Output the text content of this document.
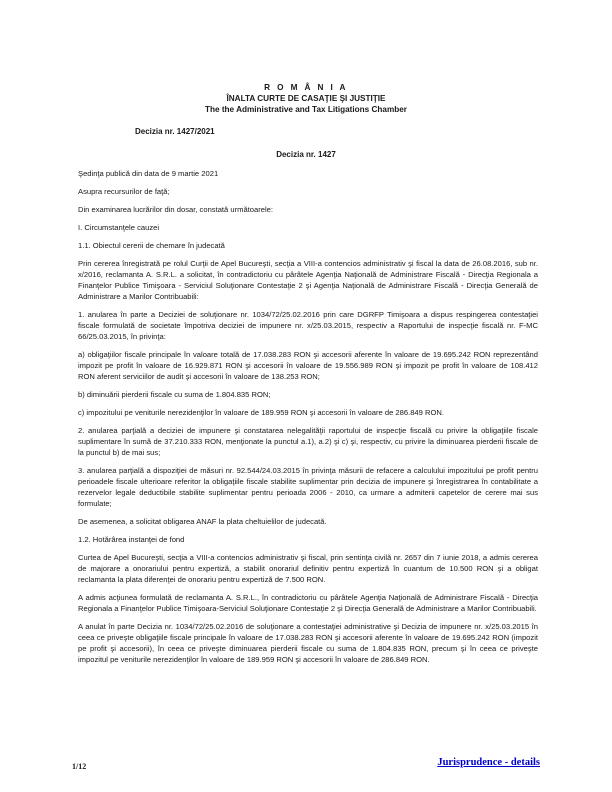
R O M Â N I A
ÎNALTA CURTE DE CASAŢIE ŞI JUSTIŢIE
The the Administrative and Tax Litigations Chamber
Decizia nr. 1427/2021
Decizia nr. 1427

Şedinţa publică din data de 9 martie 2021

Asupra recursurilor de faţă;

Din examinarea lucrărilor din dosar, constată următoarele:

I. Circumstanţele cauzei

1.1. Obiectul cererii de chemare în judecată

Prin cererea înregistrată pe rolul Curţii de Apel Bucureşti, secţia a VIII-a contencios administrativ şi fiscal la data de 26.08.2016, sub nr. x/2016, reclamanta A. S.R.L. a solicitat, în contradictoriu cu pârâtele Agenţia Naţională de Administrare Fiscală - Direcţia Regionala a Finanţelor Publice Timişoara - Serviciul Soluţionare Contestaţie 2 şi Agenţia Naţională de Administrare Fiscală - Direcţia Generală de Administrare a Marilor Contribuabili:

1. anularea în parte a Deciziei de soluţionare nr. 1034/72/25.02.2016 prin care DGRFP Timişoara a dispus respingerea contestaţiei fiscale formulată de societate împotriva deciziei de impunere nr. x/25.03.2015, respectiv a Raportului de inspecţie fiscală nr. F-MC 66/25.03.2015, în privinţa:

a) obligaţiilor fiscale principale în valoare totală de 17.038.283 RON şi accesorii aferente în valoare de 19.695.242 RON reprezentând impozit pe profit în valoare de 16.929.871 RON şi accesorii în valoare de 19.556.989 RON şi impozit pe profit în valoare de 108.412 RON aferent serviciilor de audit şi accesorii în valoare de 138.253 RON;

b) diminuării pierderii fiscale cu suma de 1.804.835 RON;

c) impozitului pe veniturile nerezidenţilor în valoare de 189.959 RON şi accesorii în valoare de 286.849 RON.

2. anularea parţială a deciziei de impunere şi constatarea nelegalităţii raportului de inspecţie fiscală cu privire la obligaţiile fiscale suplimentare în sumă de 37.210.333 RON, menţionate la punctul a.1), a.2) şi c) şi, respectiv, cu privire la diminuarea pierderii fiscale de la punctul b) de mai sus;

3. anularea parţială a dispoziţiei de măsuri nr. 92.544/24.03.2015 în privinţa măsurii de refacere a calculului impozitului pe profit pentru perioadele fiscale ulterioare referitor la obligaţiile fiscale stabilite suplimentar prin decizia de impunere şi înregistrarea în contabilitate a rezervelor legale deductibile stabilite suplimentar pentru perioada 2006 - 2010, ca urmare a admiterii capetelor de cerere mai sus formulate;

De asemenea, a solicitat obligarea ANAF la plata cheltuielilor de judecată.

1.2. Hotărârea instanţei de fond

Curtea de Apel Bucureşti, secţia a VIII-a contencios administrativ şi fiscal, prin sentinţa civilă nr. 2657 din 7 iunie 2018, a admis cererea de majorare a onorariului pentru expertiză, a stabilit onorariul definitiv pentru expertiză în cuantum de 10.500 RON şi a obligat reclamanta la plata diferenţei de onorariu pentru expertiză de 7.500 RON.

A admis acţiunea formulată de reclamanta A. S.R.L., în contradictoriu cu pârâtele Agenţia Naţională de Administrare Fiscală - Direcţia Regionala a Finanţelor Publice Timişoara-Serviciul Soluţionare Contestaţie 2 şi Direcţia Generală de Administrare a Marilor Contribuabili.

A anulat în parte Decizia nr. 1034/72/25.02.2016 de soluţionare a contestaţiei administrative şi Decizia de impunere nr. x/25.03.2015 în ceea ce priveşte obligaţiile fiscale principale în valoare de 17.038.283 RON şi accesorii aferente în valoare de 19.695.242 RON (impozit pe profit şi accesorii), în ceea ce priveşte diminuarea pierderii fiscale cu suma de 1.804.835 RON, precum şi în ceea ce priveşte impozitul pe veniturile nerezidenţilor în valoare de 189.959 RON şi accesorii în valoare de 286.849 RON.

1/12	Jurisprudence - details
